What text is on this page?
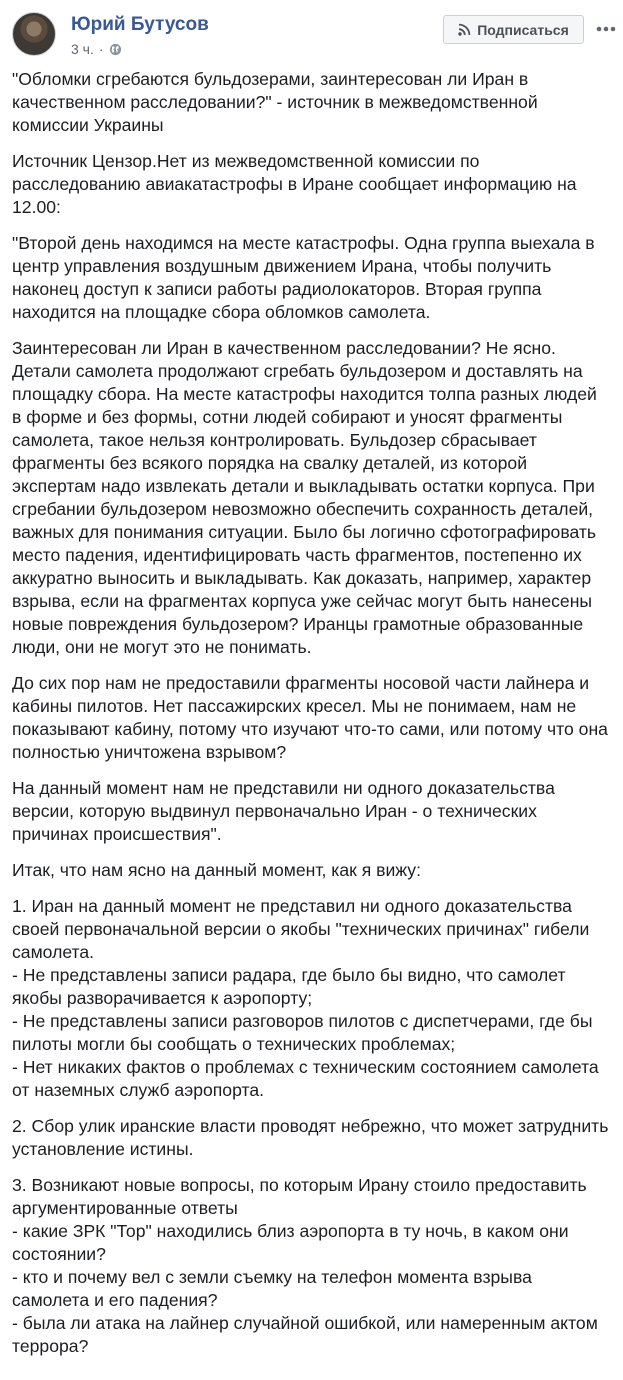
Юрий Бутусов
3 ч. ·
Подписаться

"Обломки сгребаются бульдозерами, заинтересован ли Иран в качественном расследовании?" - источник в межведомственной комиссии Украины

Источник Цензор.Нет из межведомственной комиссии по расследованию авиакатастрофы в Иране сообщает информацию на 12.00:

"Второй день находимся на месте катастрофы. Одна группа выехала в центр управления воздушным движением Ирана, чтобы получить наконец доступ к записи работы радиолокаторов. Вторая группа находится на площадке сбора обломков самолета.

Заинтересован ли Иран в качественном расследовании? Не ясно. Детали самолета продолжают сгребать бульдозером и доставлять на площадку сбора. На месте катастрофы находится толпа разных людей в форме и без формы, сотни людей собирают и уносят фрагменты самолета, такое нельзя контролировать. Бульдозер сбрасывает фрагменты без всякого порядка на свалку деталей, из которой экспертам надо извлекать детали и выкладывать остатки корпуса. При сгребании бульдозером невозможно обеспечить сохранность деталей, важных для понимания ситуации. Было бы логично сфотографировать место падения, идентифицировать часть фрагментов, постепенно их аккуратно выносить и выкладывать. Как доказать, например, характер взрыва, если на фрагментах корпуса уже сейчас могут быть нанесены новые повреждения бульдозером? Иранцы грамотные образованные люди, они не могут это не понимать.

До сих пор нам не предоставили фрагменты носовой части лайнера и кабины пилотов. Нет пассажирских кресел. Мы не понимаем, нам не показывают кабину, потому что изучают что-то сами, или потому что она полностью уничтожена взрывом?

На данный момент нам не представили ни одного доказательства версии, которую выдвинул первоначально Иран - о технических причинах происшествия".

Итак, что нам ясно на данный момент, как я вижу:

1. Иран на данный момент не представил ни одного доказательства своей первоначальной версии о якобы "технических причинах" гибели самолета.
- Не представлены записи радара, где было бы видно, что самолет якобы разворачивается к аэропорту;
- Не представлены записи разговоров пилотов с диспетчерами, где бы пилоты могли бы сообщать о технических проблемах;
- Нет никаких фактов о проблемах с техническим состоянием самолета от наземных служб аэропорта.

2. Сбор улик иранские власти проводят небрежно, что может затруднить установление истины.

3. Возникают новые вопросы, по которым Ирану стоило предоставить аргументированные ответы
- какие ЗРК "Тор" находились близ аэропорта в ту ночь, в каком они состоянии?
- кто и почему вел с земли съемку на телефон момента взрыва самолета и его падения?
- была ли атака на лайнер случайной ошибкой, или намеренным актом террора?
